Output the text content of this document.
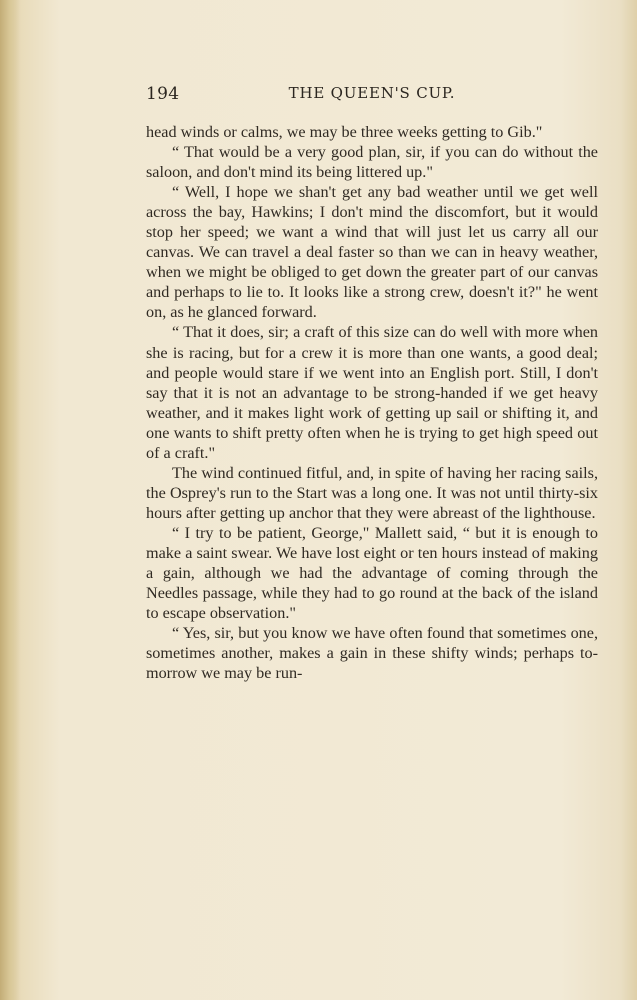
194	THE QUEEN'S CUP.

head winds or calms, we may be three weeks getting to Gib."

“ That would be a very good plan, sir, if you can do without the saloon, and don't mind its being littered up."

“ Well, I hope we shan't get any bad weather until we get well across the bay, Hawkins; I don't mind the discomfort, but it would stop her speed; we want a wind that will just let us carry all our canvas. We can travel a deal faster so than we can in heavy weather, when we might be obliged to get down the greater part of our canvas and perhaps to lie to. It looks like a strong crew, doesn't it?" he went on, as he glanced forward.

“ That it does, sir; a craft of this size can do well with more when she is racing, but for a crew it is more than one wants, a good deal; and people would stare if we went into an English port. Still, I don't say that it is not an advantage to be strong-handed if we get heavy weather, and it makes light work of getting up sail or shifting it, and one wants to shift pretty often when he is trying to get high speed out of a craft."

The wind continued fitful, and, in spite of having her racing sails, the Osprey's run to the Start was a long one. It was not until thirty-six hours after getting up anchor that they were abreast of the lighthouse.

“ I try to be patient, George," Mallett said, “ but it is enough to make a saint swear. We have lost eight or ten hours instead of making a gain, although we had the advantage of coming through the Needles passage, while they had to go round at the back of the island to escape observation."

“ Yes, sir, but you know we have often found that sometimes one, sometimes another, makes a gain in these shifty winds; perhaps to-morrow we may be run-
